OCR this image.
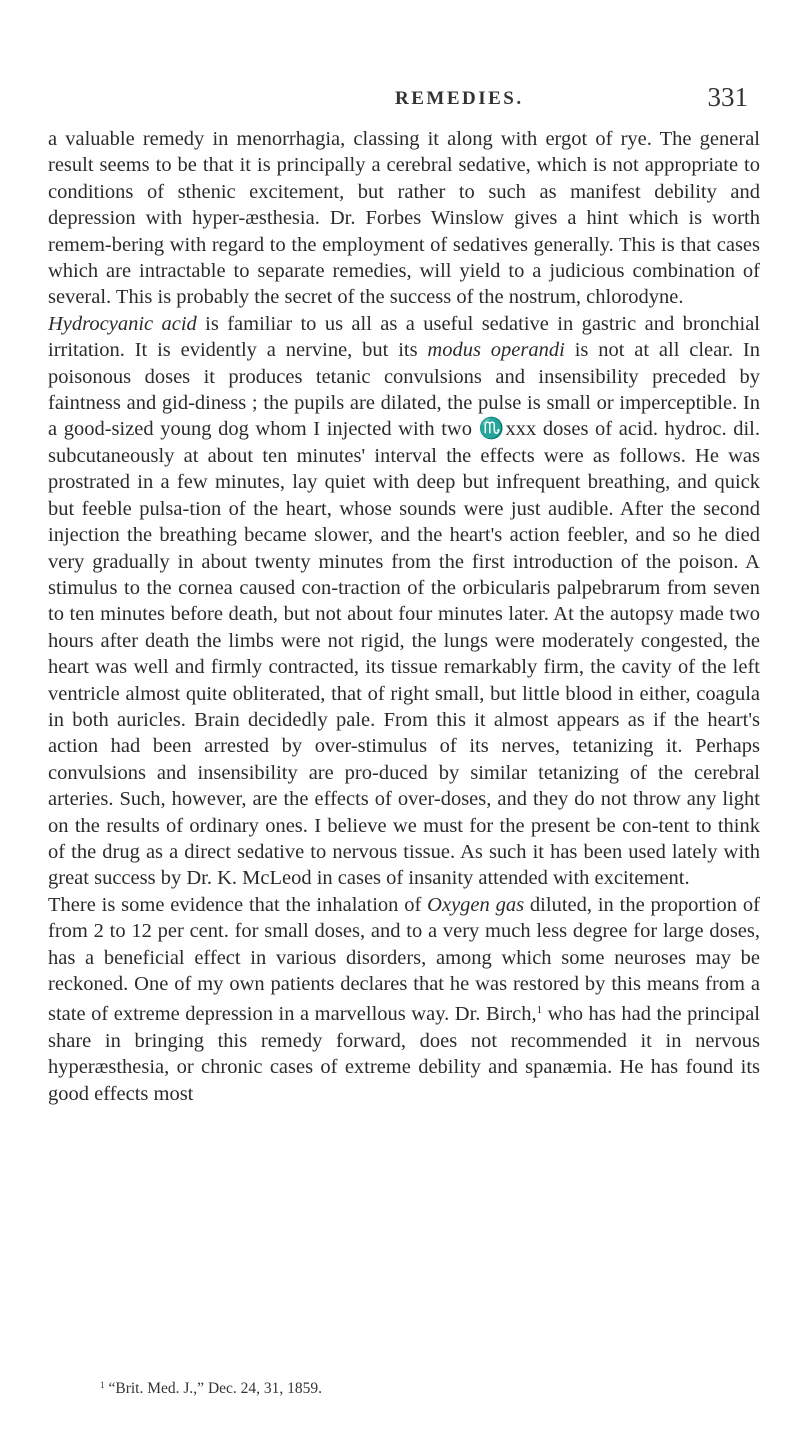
REMEDIES.	331

a valuable remedy in menorrhagia, classing it along with ergot of rye. The general result seems to be that it is principally a cerebral sedative, which is not appropriate to conditions of sthenic excitement, but rather to such as manifest debility and depression with hyper-æsthesia. Dr. Forbes Winslow gives a hint which is worth remem-bering with regard to the employment of sedatives generally. This is that cases which are intractable to separate remedies, will yield to a judicious combination of several. This is probably the secret of the success of the nostrum, chlorodyne.

Hydrocyanic acid is familiar to us all as a useful sedative in gastric and bronchial irritation. It is evidently a nervine, but its modus operandi is not at all clear. In poisonous doses it produces tetanic convulsions and insensibility preceded by faintness and gid-diness ; the pupils are dilated, the pulse is small or imperceptible. In a good-sized young dog whom I injected with two ♏xxx doses of acid. hydroc. dil. subcutaneously at about ten minutes' interval the effects were as follows. He was prostrated in a few minutes, lay quiet with deep but infrequent breathing, and quick but feeble pulsa-tion of the heart, whose sounds were just audible. After the second injection the breathing became slower, and the heart's action feebler, and so he died very gradually in about twenty minutes from the first introduction of the poison. A stimulus to the cornea caused con-traction of the orbicularis palpebrarum from seven to ten minutes before death, but not about four minutes later. At the autopsy made two hours after death the limbs were not rigid, the lungs were moderately congested, the heart was well and firmly contracted, its tissue remarkably firm, the cavity of the left ventricle almost quite obliterated, that of right small, but little blood in either, coagula in both auricles. Brain decidedly pale. From this it almost appears as if the heart's action had been arrested by over-stimulus of its nerves, tetanizing it. Perhaps convulsions and insensibility are pro-duced by similar tetanizing of the cerebral arteries. Such, however, are the effects of over-doses, and they do not throw any light on the results of ordinary ones. I believe we must for the present be con-tent to think of the drug as a direct sedative to nervous tissue. As such it has been used lately with great success by Dr. K. McLeod in cases of insanity attended with excitement.

There is some evidence that the inhalation of Oxygen gas diluted, in the proportion of from 2 to 12 per cent. for small doses, and to a very much less degree for large doses, has a beneficial effect in various disorders, among which some neuroses may be reckoned. One of my own patients declares that he was restored by this means from a state of extreme depression in a marvellous way. Dr. Birch,$^1$ who has had the principal share in bringing this remedy forward, does not recommended it in nervous hyperæsthesia, or chronic cases of extreme debility and spanæmia. He has found its good effects most

$^1$ “Brit. Med. J.,” Dec. 24, 31, 1859.
